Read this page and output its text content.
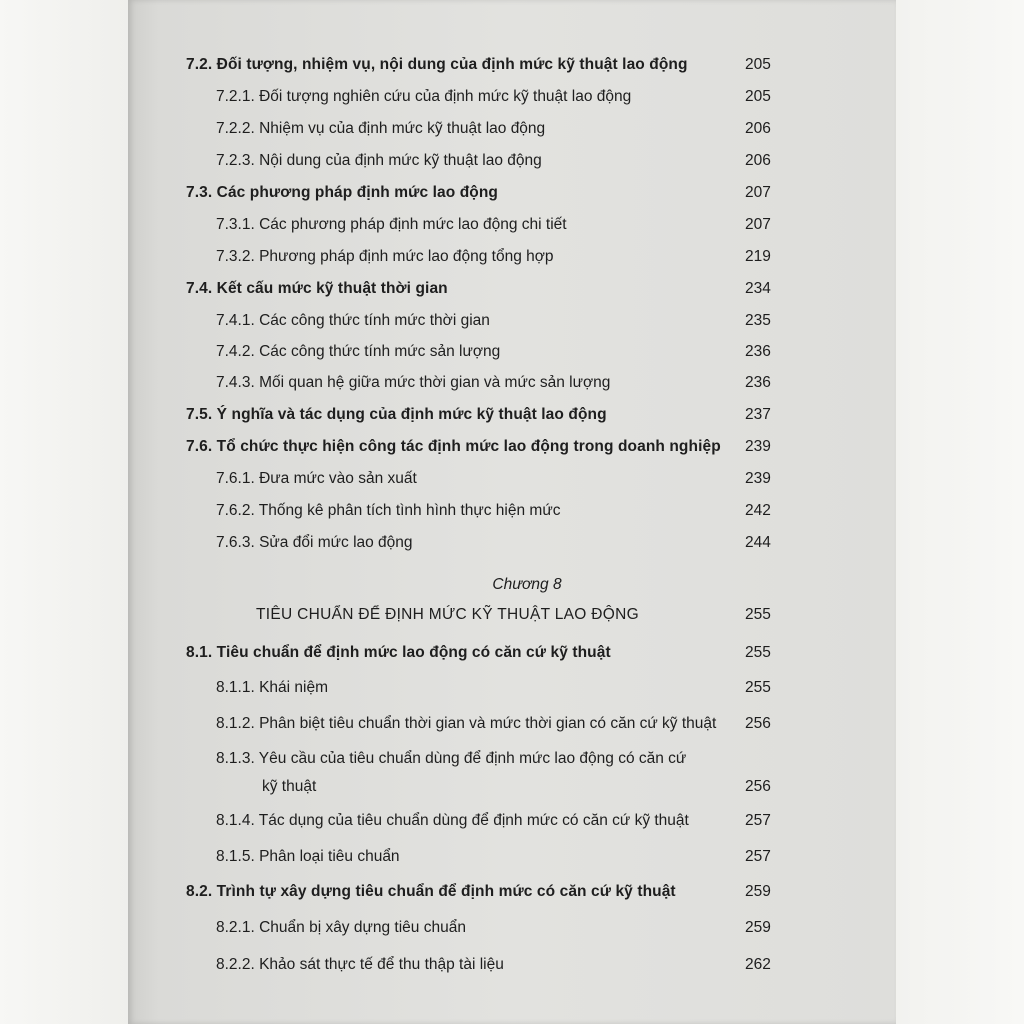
7.2. Đối tượng, nhiệm vụ, nội dung của định mức kỹ thuật lao động	205
7.2.1. Đối tượng nghiên cứu của định mức kỹ thuật lao động	205
7.2.2. Nhiệm vụ của định mức kỹ thuật lao động	206
7.2.3. Nội dung của định mức kỹ thuật lao động	206
7.3. Các phương pháp định mức lao động	207
7.3.1. Các phương pháp định mức lao động chi tiết	207
7.3.2. Phương pháp định mức lao động tổng hợp	219
7.4. Kết cấu mức kỹ thuật thời gian	234
7.4.1. Các công thức tính mức thời gian	235
7.4.2. Các công thức tính mức sản lượng	236
7.4.3. Mối quan hệ giữa mức thời gian và mức sản lượng	236
7.5. Ý nghĩa và tác dụng của định mức kỹ thuật lao động	237
7.6. Tổ chức thực hiện công tác định mức lao động trong doanh nghiệp 239
7.6.1. Đưa mức vào sản xuất	239
7.6.2. Thống kê phân tích tình hình thực hiện mức	242
7.6.3. Sửa đổi mức lao động	244
Chương 8
TIÊU CHUẨN ĐỂ ĐỊNH MỨC KỸ THUẬT LAO ĐỘNG	255
8.1. Tiêu chuẩn để định mức lao động có căn cứ kỹ thuật	255
8.1.1. Khái niệm	255
8.1.2. Phân biệt tiêu chuẩn thời gian và mức thời gian có căn cứ kỹ thuật 256
8.1.3. Yêu cầu của tiêu chuẩn dùng để định mức lao động có căn cứ
kỹ thuật	256
8.1.4. Tác dụng của tiêu chuẩn dùng để định mức có căn cứ kỹ thuật	257
8.1.5. Phân loại tiêu chuẩn	257
8.2. Trình tự xây dựng tiêu chuẩn để định mức có căn cứ kỹ thuật	259
8.2.1. Chuẩn bị xây dựng tiêu chuẩn	259
8.2.2. Khảo sát thực tế để thu thập tài liệu	262
